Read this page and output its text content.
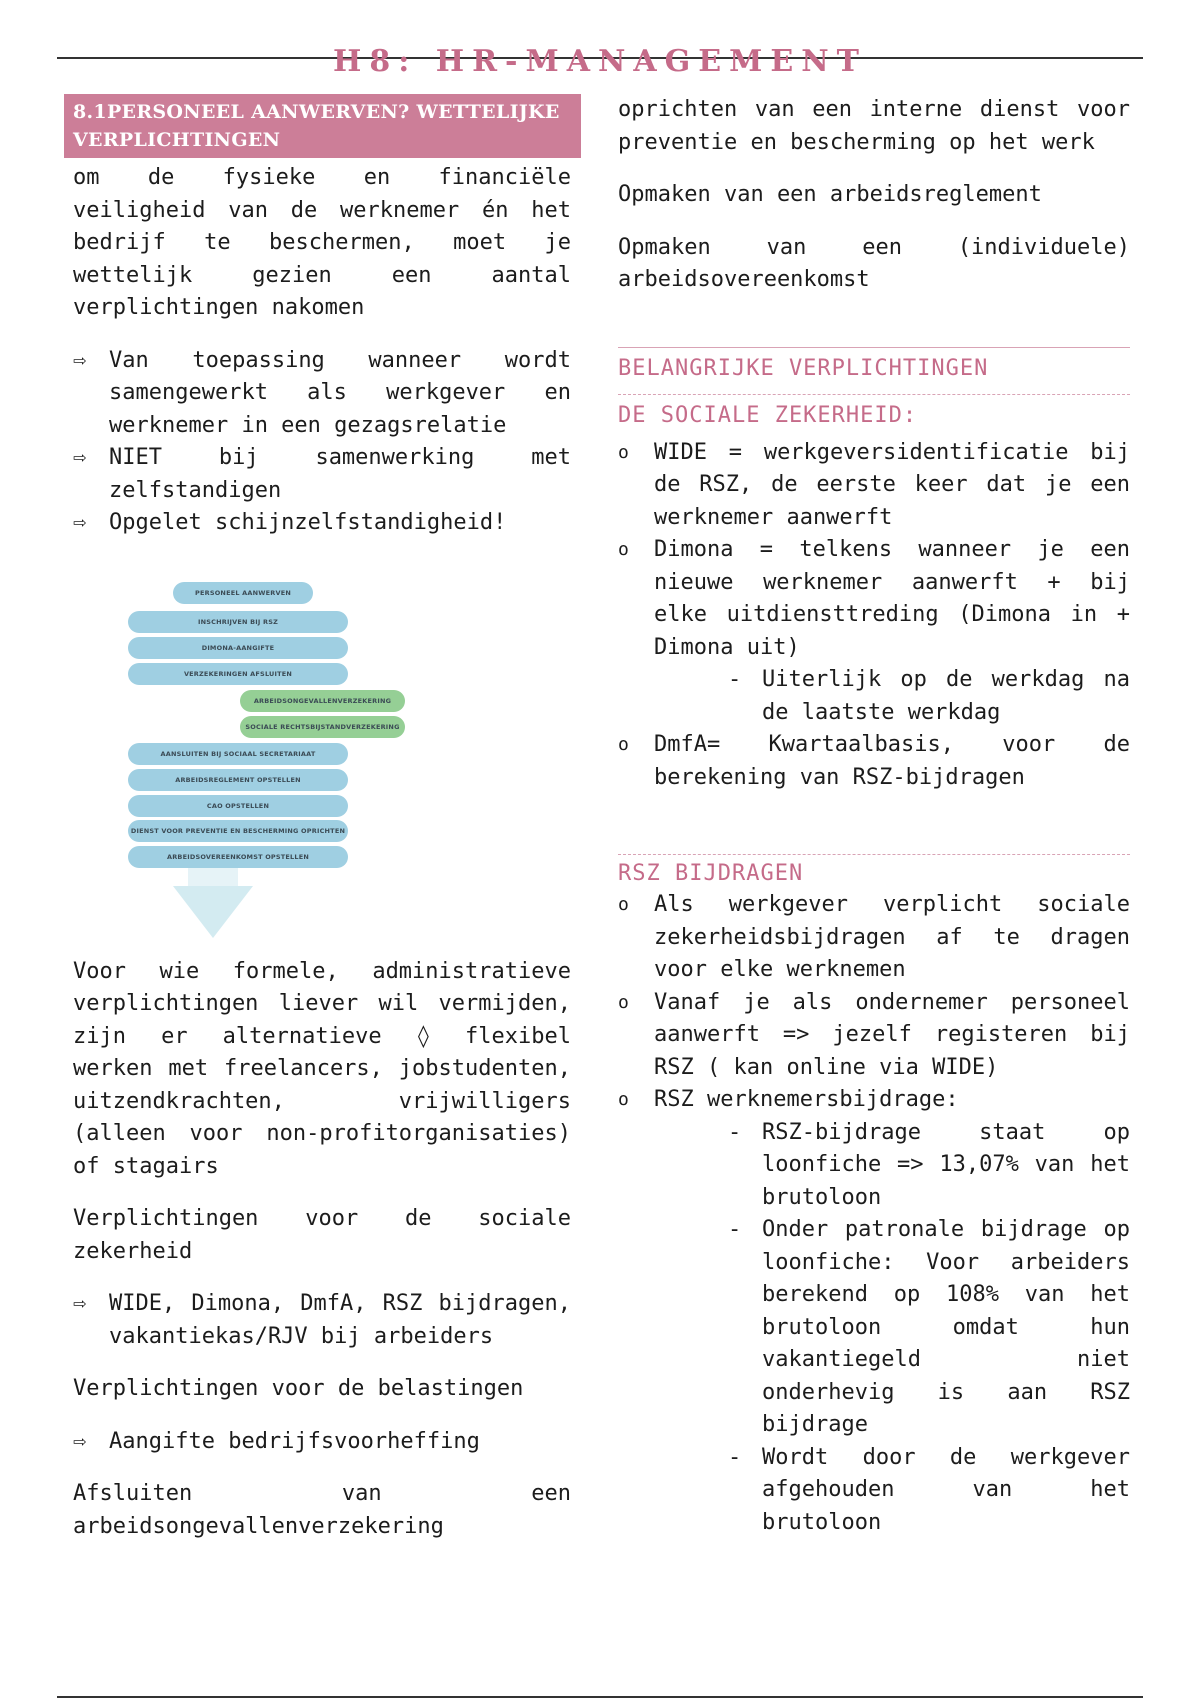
H8: HR-MANAGEMENT
8.1PERSONEEL AANWERVEN? WETTELIJKE VERPLICHTINGEN

om de fysieke en financiële veiligheid van de werknemer én het bedrijf te beschermen, moet je wettelijk gezien een aantal verplichtingen nakomen

⇨ Van toepassing wanneer wordt samengewerkt als werkgever en werknemer in een gezagsrelatie
⇨ NIET bij samenwerking met zelfstandigen
⇨ Opgelet schijnzelfstandigheid!
PERSONEEL AANWERVEN
INSCHRIJVEN BIJ RSZ
DIMONA-AANGIFTE
VERZEKERINGEN AFSLUITEN
ARBEIDSONGEVALLENVERZEKERING
SOCIALE RECHTSBIJSTANDVERZEKERING
AANSLUITEN BIJ SOCIAAL SECRETARIAAT
ARBEIDSREGLEMENT OPSTELLEN
CAO OPSTELLEN
DIENST VOOR PREVENTIE EN BESCHERMING OPRICHTEN
ARBEIDSOVEREENKOMST OPSTELLEN

Voor wie formele, administratieve verplichtingen liever wil vermijden, zijn er alternatieve ◊ flexibel werken met freelancers, jobstudenten, uitzendkrachten, vrijwilligers (alleen voor non-profitorganisaties) of stagairs

Verplichtingen voor de sociale zekerheid

⇨ WIDE, Dimona, DmfA, RSZ bijdragen, vakantiekas/RJV bij arbeiders

Verplichtingen voor de belastingen

⇨ Aangifte bedrijfsvoorheffing

Afsluiten van een arbeidsongevallenverzekering

oprichten van een interne dienst voor preventie en bescherming op het werk

Opmaken van een arbeidsreglement

Opmaken van een (individuele) arbeidsovereenkomst

BELANGRIJKE VERPLICHTINGEN
DE SOCIALE ZEKERHEID:
o WIDE = werkgeversidentificatie bij de RSZ, de eerste keer dat je een werknemer aanwerft
o Dimona = telkens wanneer je een nieuwe werknemer aanwerft + bij elke uitdiensttreding (Dimona in + Dimona uit)
- Uiterlijk op de werkdag na de laatste werkdag
o DmfA= Kwartaalbasis, voor de berekening van RSZ-bijdragen
RSZ BIJDRAGEN
o Als werkgever verplicht sociale zekerheidsbijdragen af te dragen voor elke werknemen
o Vanaf je als ondernemer personeel aanwerft => jezelf registeren bij RSZ ( kan online via WIDE)
o RSZ werknemersbijdrage:
- RSZ-bijdrage staat op loonfiche => 13,07% van het brutoloon
- Onder patronale bijdrage op loonfiche: Voor arbeiders berekend op 108% van het brutoloon omdat hun vakantiegeld niet onderhevig is aan RSZ bijdrage
- Wordt door de werkgever afgehouden van het brutoloon
